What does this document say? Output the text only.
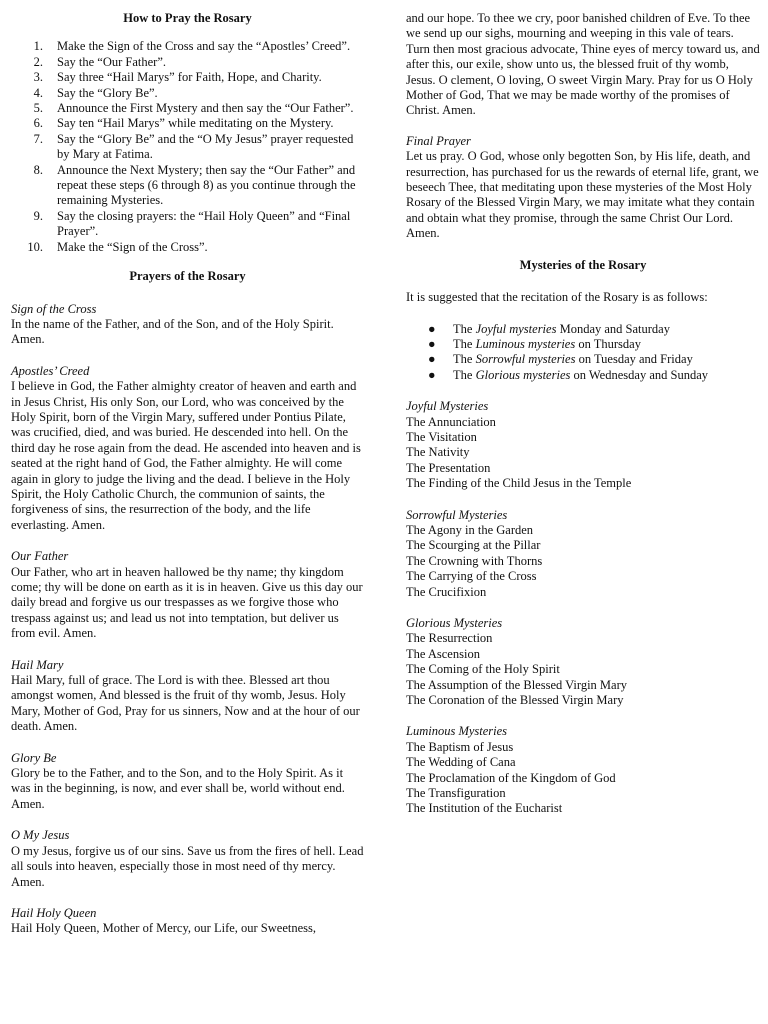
How to Pray the Rosary
1. Make the Sign of the Cross and say the “Apostles’ Creed”.
2. Say the “Our Father”.
3. Say three “Hail Marys” for Faith, Hope, and Charity.
4. Say the “Glory Be”.
5. Announce the First Mystery and then say the “Our Father”.
6. Say ten “Hail Marys” while meditating on the Mystery.
7. Say the “Glory Be” and the “O My Jesus” prayer requested by Mary at Fatima.
8. Announce the Next Mystery; then say the “Our Father” and repeat these steps (6 through 8) as you continue through the remaining Mysteries.
9. Say the closing prayers: the “Hail Holy Queen” and “Final Prayer”.
10. Make the “Sign of the Cross”.
Prayers of the Rosary
Sign of the Cross
In the name of the Father, and of the Son, and of the Holy Spirit. Amen.
Apostles’ Creed
I believe in God, the Father almighty creator of heaven and earth and in Jesus Christ, His only Son, our Lord, who was conceived by the Holy Spirit, born of the Virgin Mary, suffered under Pontius Pilate, was crucified, died, and was buried. He descended into hell. On the third day he rose again from the dead. He ascended into heaven and is seated at the right hand of God, the Father almighty. He will come again in glory to judge the living and the dead. I believe in the Holy Spirit, the Holy Catholic Church, the communion of saints, the forgiveness of sins, the resurrection of the body, and the life everlasting. Amen.
Our Father
Our Father, who art in heaven hallowed be thy name; thy kingdom come; thy will be done on earth as it is in heaven. Give us this day our daily bread and forgive us our trespasses as we forgive those who trespass against us; and lead us not into temptation, but deliver us from evil. Amen.
Hail Mary
Hail Mary, full of grace. The Lord is with thee. Blessed art thou amongst women, And blessed is the fruit of thy womb, Jesus. Holy Mary, Mother of God, Pray for us sinners, Now and at the hour of our death. Amen.
Glory Be
Glory be to the Father, and to the Son, and to the Holy Spirit. As it was in the beginning, is now, and ever shall be, world without end. Amen.
O My Jesus
O my Jesus, forgive us of our sins. Save us from the fires of hell. Lead all souls into heaven, especially those in most need of thy mercy. Amen.
Hail Holy Queen
Hail Holy Queen, Mother of Mercy, our Life, our Sweetness,
and our hope. To thee we cry, poor banished children of Eve. To thee we send up our sighs, mourning and weeping in this vale of tears. Turn then most gracious advocate, Thine eyes of mercy toward us, and after this, our exile, show unto us, the blessed fruit of thy womb, Jesus. O clement, O loving, O sweet Virgin Mary. Pray for us O Holy Mother of God, That we may be made worthy of the promises of Christ. Amen.
Final Prayer
Let us pray. O God, whose only begotten Son, by His life, death, and resurrection, has purchased for us the rewards of eternal life, grant, we beseech Thee, that meditating upon these mysteries of the Most Holy Rosary of the Blessed Virgin Mary, we may imitate what they contain and obtain what they promise, through the same Christ Our Lord. Amen.
Mysteries of the Rosary
It is suggested that the recitation of the Rosary is as follows:
● The Joyful mysteries Monday and Saturday
● The Luminous mysteries on Thursday
● The Sorrowful mysteries on Tuesday and Friday
● The Glorious mysteries on Wednesday and Sunday
Joyful Mysteries
The Annunciation
The Visitation
The Nativity
The Presentation
The Finding of the Child Jesus in the Temple
Sorrowful Mysteries
The Agony in the Garden
The Scourging at the Pillar
The Crowning with Thorns
The Carrying of the Cross
The Crucifixion
Glorious Mysteries
The Resurrection
The Ascension
The Coming of the Holy Spirit
The Assumption of the Blessed Virgin Mary
The Coronation of the Blessed Virgin Mary
Luminous Mysteries
The Baptism of Jesus
The Wedding of Cana
The Proclamation of the Kingdom of God
The Transfiguration
The Institution of the Eucharist
